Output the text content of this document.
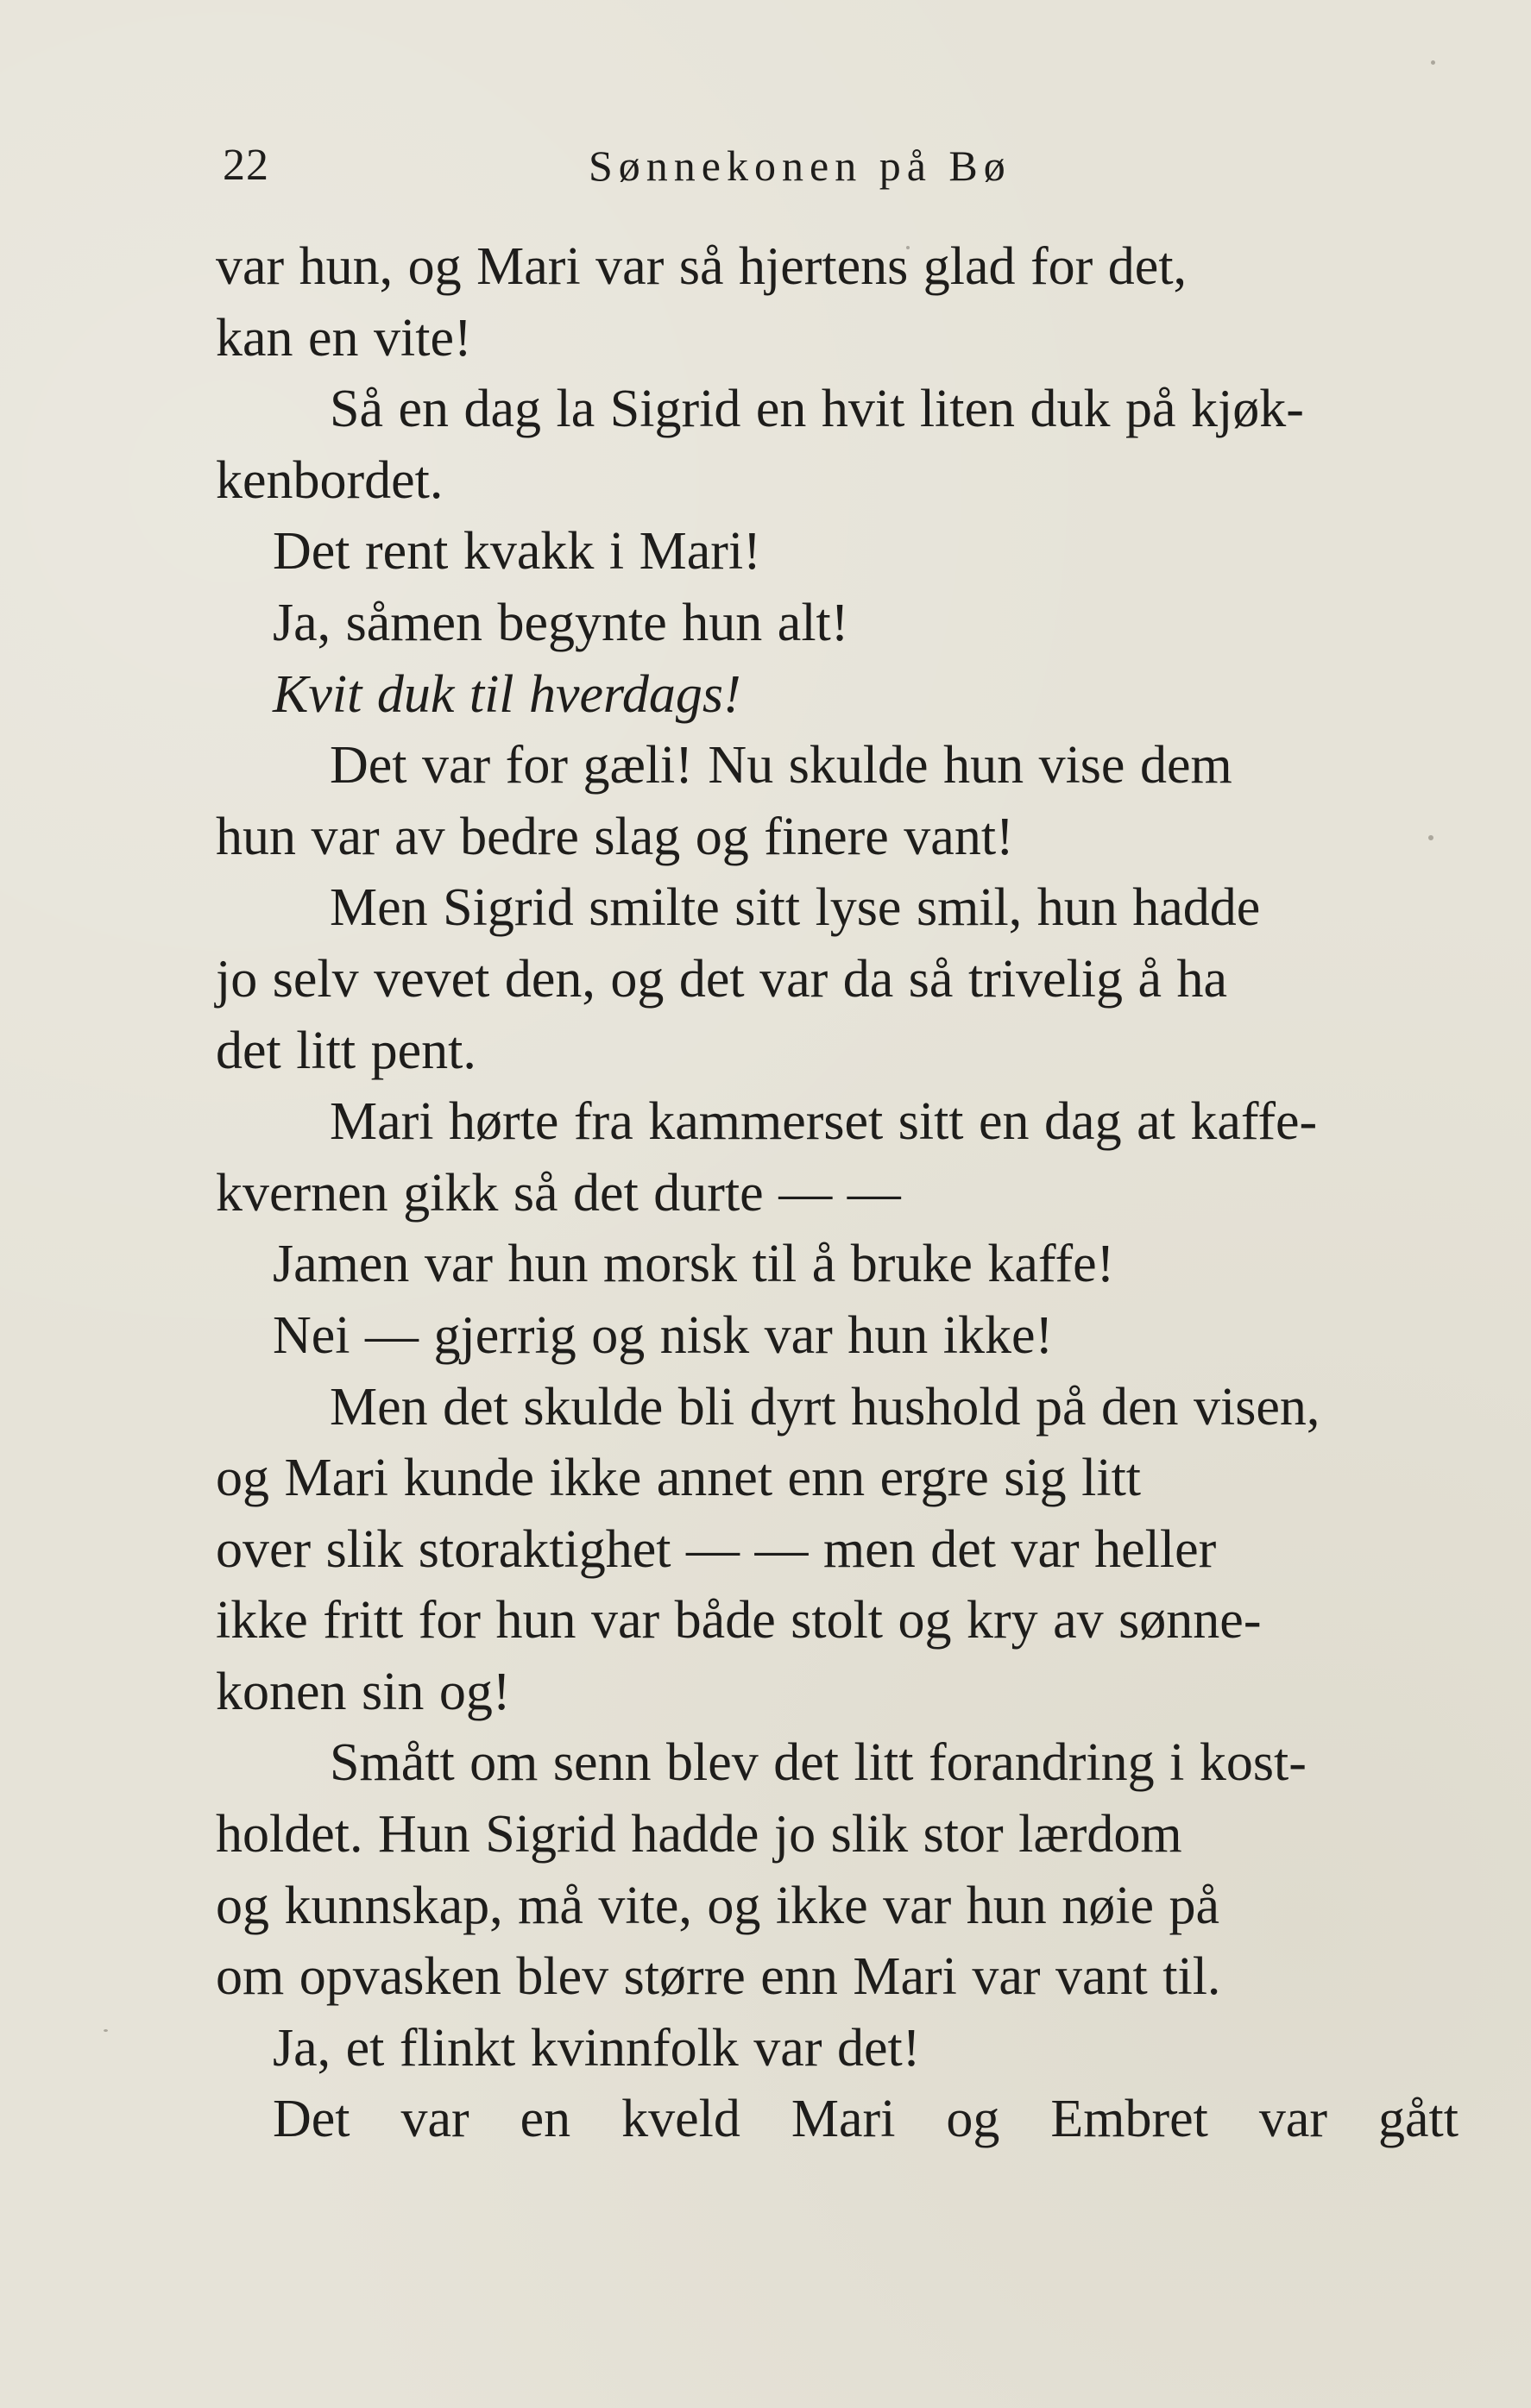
22	Sønnekonen på Bø

var hun, og Mari var så hjertens glad for det,
kan en vite!

Så en dag la Sigrid en hvit liten duk på kjøk-
kenbordet.

Det rent kvakk i Mari!

Ja, såmen begynte hun alt!

Kvit duk til hverdags!

Det var for gæli! Nu skulde hun vise dem
hun var av bedre slag og finere vant!

Men Sigrid smilte sitt lyse smil, hun hadde
jo selv vevet den, og det var da så trivelig å ha
det litt pent.

Mari hørte fra kammerset sitt en dag at kaffe-
kvernen gikk så det durte — —

Jamen var hun morsk til å bruke kaffe!

Nei — gjerrig og nisk var hun ikke!

Men det skulde bli dyrt hushold på den visen,
og Mari kunde ikke annet enn ergre sig litt
over slik storaktighet — — men det var heller
ikke fritt for hun var både stolt og kry av sønne-
konen sin og!

Smått om senn blev det litt forandring i kost-
holdet. Hun Sigrid hadde jo slik stor lærdom
og kunnskap, må vite, og ikke var hun nøie på
om opvasken blev større enn Mari var vant til.

Ja, et flinkt kvinnfolk var det!

Det var en kveld Mari og Embret var gått
